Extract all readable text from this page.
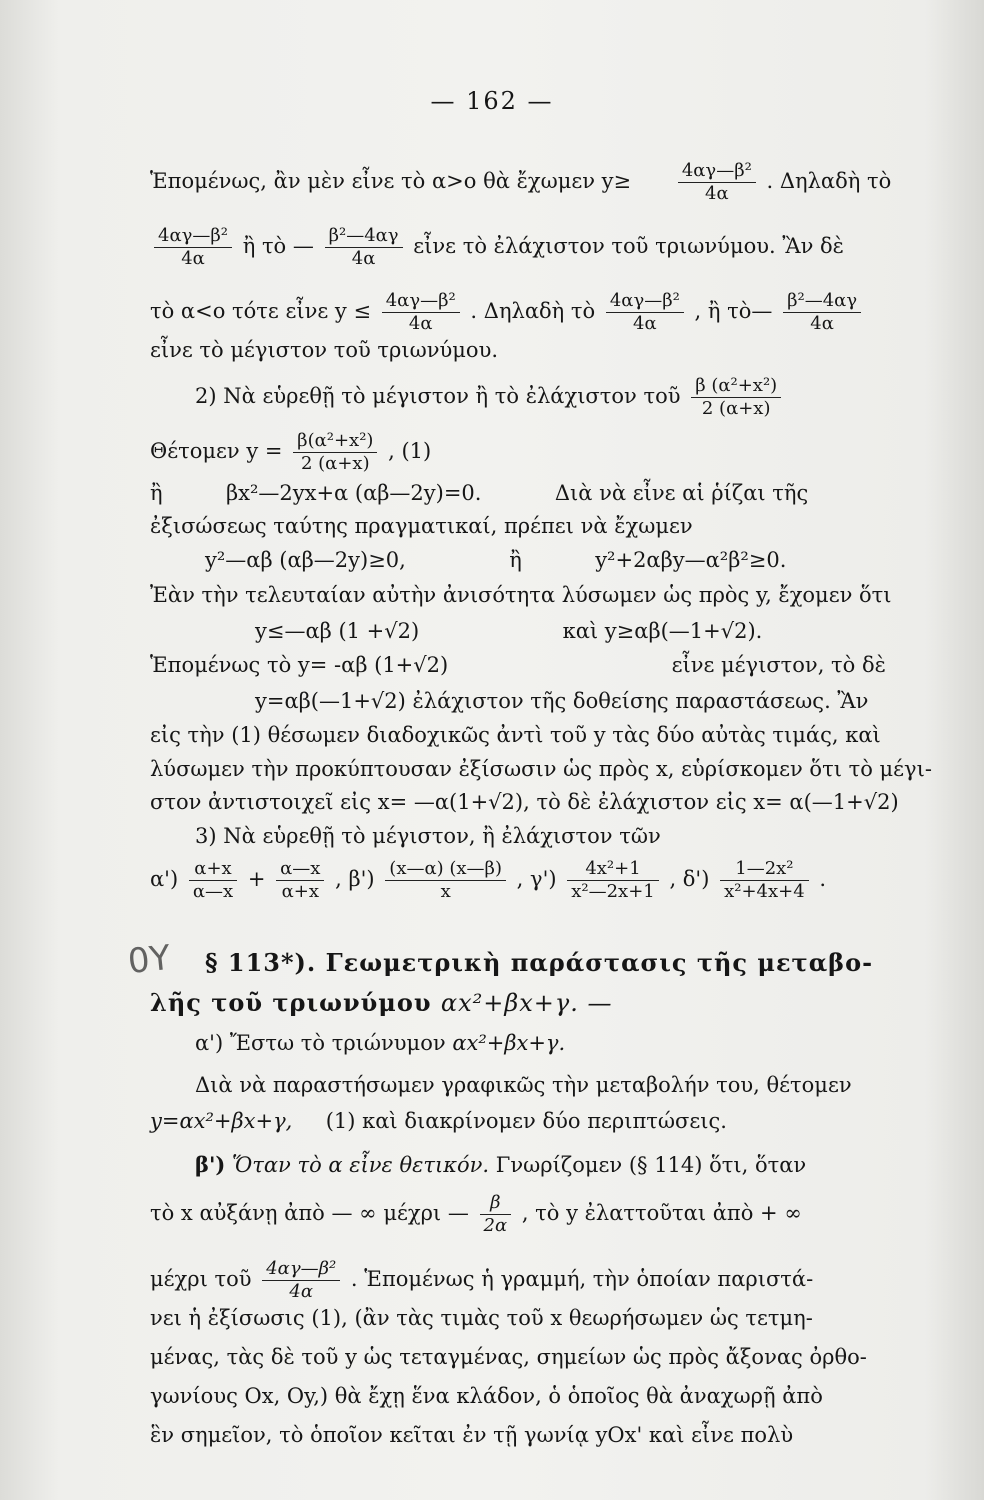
— 162 —
0Y
Ἑπομένως, ἂν μὲν εἶνε τὸ α>ο θὰ ἔχωμεν y≥	$\frac{\text{4αγ—β²}}{4\alpha}$ . Δηλαδὴ τὸ
$\frac{\text{4αγ—β²}}{4\alpha}$ ἢ τὸ — $\frac{\text{β²—4αγ}}{4\alpha}$ εἶνε τὸ ἐλάχιστον τοῦ τριωνύμου. Ἂν δὲ
τὸ α<ο τότε εἶνε $y \le \frac{\text{4αγ—β²}}{4\alpha}$ . Δηλαδὴ τὸ $\frac{\text{4αγ—β²}}{4\alpha}$ , ἢ τὸ— $\frac{\text{β²—4αγ}}{4\alpha}$
εἶνε τὸ μέγιστον τοῦ τριωνύμου.
2) Νὰ εὑρεθῇ τὸ μέγιστον ἢ τὸ ἐλάχιστον τοῦ $\frac{\text{β (α²+x²)}}{2 (\alpha+x)}$
Θέτομεν $y = \frac{\text{β(α²+x²)}}{2 (\alpha+x)}$ , (1)
ἢ	βx²—2yx+α (αβ—2y)=0.	Διὰ νὰ εἶνε αἱ ῥίζαι τῆς
ἐξισώσεως ταύτης πραγματικαί, πρέπει νὰ ἔχωμεν
y²—αβ (αβ—2y)≥0,	ἢ	y²+2αβy—α²β²≥0.
Ἐὰν τὴν τελευταίαν αὐτὴν ἀνισότητα λύσωμεν ὡς πρὸς y, ἔχομεν ὅτι
y≤—αβ (1 +√2)	καὶ y≥αβ(—1+√2).
Ἑπομένως τὸ y= -αβ (1+√2)	εἶνε μέγιστον, τὸ δὲ
y=αβ(—1+√2) ἐλάχιστον τῆς δοθείσης παραστάσεως. Ἂν
εἰς τὴν (1) θέσωμεν διαδοχικῶς ἀντὶ τοῦ y τὰς δύο αὐτὰς τιμάς, καὶ
λύσωμεν τὴν προκύπτουσαν ἐξίσωσιν ὡς πρὸς x, εὑρίσκομεν ὅτι τὸ μέγι-
στον ἀντιστοιχεῖ εἰς x= —α(1+√2), τὸ δὲ ἐλάχιστον εἰς x= α(—1+√2)
3) Νὰ εὑρεθῇ τὸ μέγιστον, ἢ ἐλάχιστον τῶν
$\alpha') \frac{\alpha+x}{\alpha—x} + \frac{\alpha—x}{\alpha+x}$ , $\beta') \frac{(x—\alpha) (x—\beta)}{x}$ , $\gamma') \frac{\text{4x²+1}}{\text{x²—2x+1}}$ , $\delta') \frac{\text{1—2x²}}{\text{x²+4x+4}}$ .
§ 113*). Γεωμετρικὴ παράστασις τῆς μεταβο-
λῆς τοῦ τριωνύμου αx²+βx+γ. —
α') Ἔστω τὸ τριώνυμον αx²+βx+γ.
Διὰ νὰ παραστήσωμεν γραφικῶς τὴν μεταβολήν του, θέτομεν
y=αx²+βx+γ, (1) καὶ διακρίνομεν δύο περιπτώσεις.
β') Ὅταν τὸ α εἶνε θετικόν. Γνωρίζομεν (§ 114) ὅτι, ὅταν
τὸ x αὐξάνῃ ἀπὸ — ∞ μέχρι — $\frac{\beta}{2\alpha}$ , τὸ y ἐλαττοῦται ἀπὸ + ∞
μέχρι τοῦ $\frac{\text{4αγ—β²}}{4\alpha}$ . Ἑπομένως ἡ γραμμή, τὴν ὁποίαν παριστά-
νει ἡ ἐξίσωσις (1), (ἂν τὰς τιμὰς τοῦ x θεωρήσωμεν ὡς τετμη-
μένας, τὰς δὲ τοῦ y ὡς τεταγμένας, σημείων ὡς πρὸς ἄξονας ὀρθο-
γωνίους Ox, Oy,) θὰ ἔχῃ ἕνα κλάδον, ὁ ὁποῖος θὰ ἀναχωρῇ ἀπὸ
ἓν σημεῖον, τὸ ὁποῖον κεῖται ἐν τῇ γωνίᾳ yOx' καὶ εἶνε πολὺ
